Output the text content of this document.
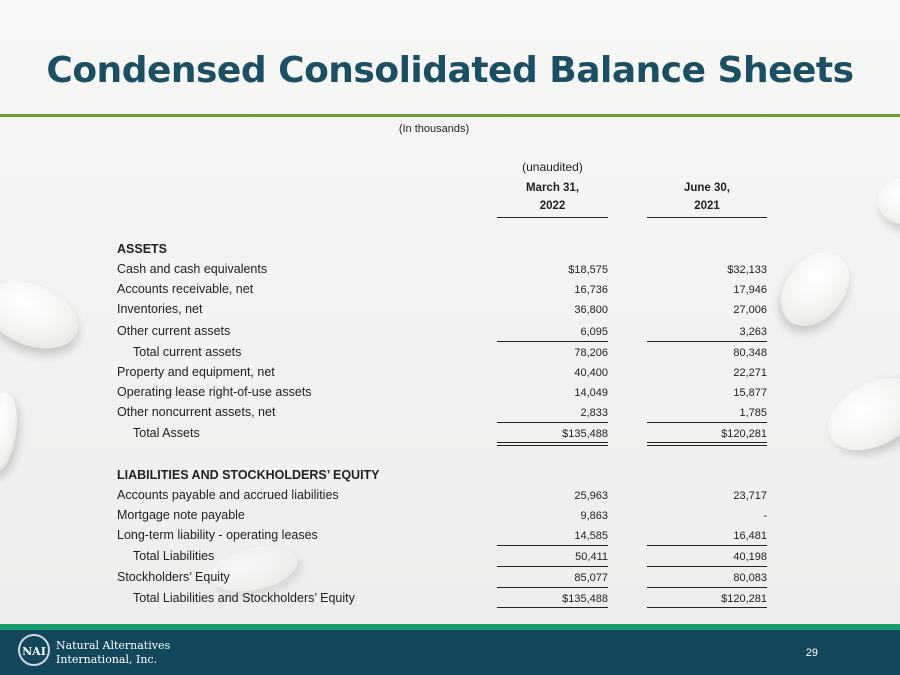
Condensed Consolidated Balance Sheets
(In thousands)
(unaudited)
March 31,
2022
June 30,
2021
ASSETS
Cash and cash equivalents	$18,575	$32,133
Accounts receivable, net	16,736	17,946
Inventories, net	36,800	27,006
Other current assets	6,095	3,263
Total current assets	78,206	80,348
Property and equipment, net	40,400	22,271
Operating lease right-of-use assets	14,049	15,877
Other noncurrent assets, net	2,833	1,785
Total Assets	$135,488	$120,281
LIABILITIES AND STOCKHOLDERS’ EQUITY
Accounts payable and accrued liabilities	25,963	23,717
Mortgage note payable	9,863	-
Long-term liability - operating leases	14,585	16,481
Total Liabilities	50,411	40,198
Stockholders’ Equity	85,077	80,083
Total Liabilities and Stockholders’ Equity	$135,488	$120,281
NAI Natural Alternatives
International, Inc.	29
